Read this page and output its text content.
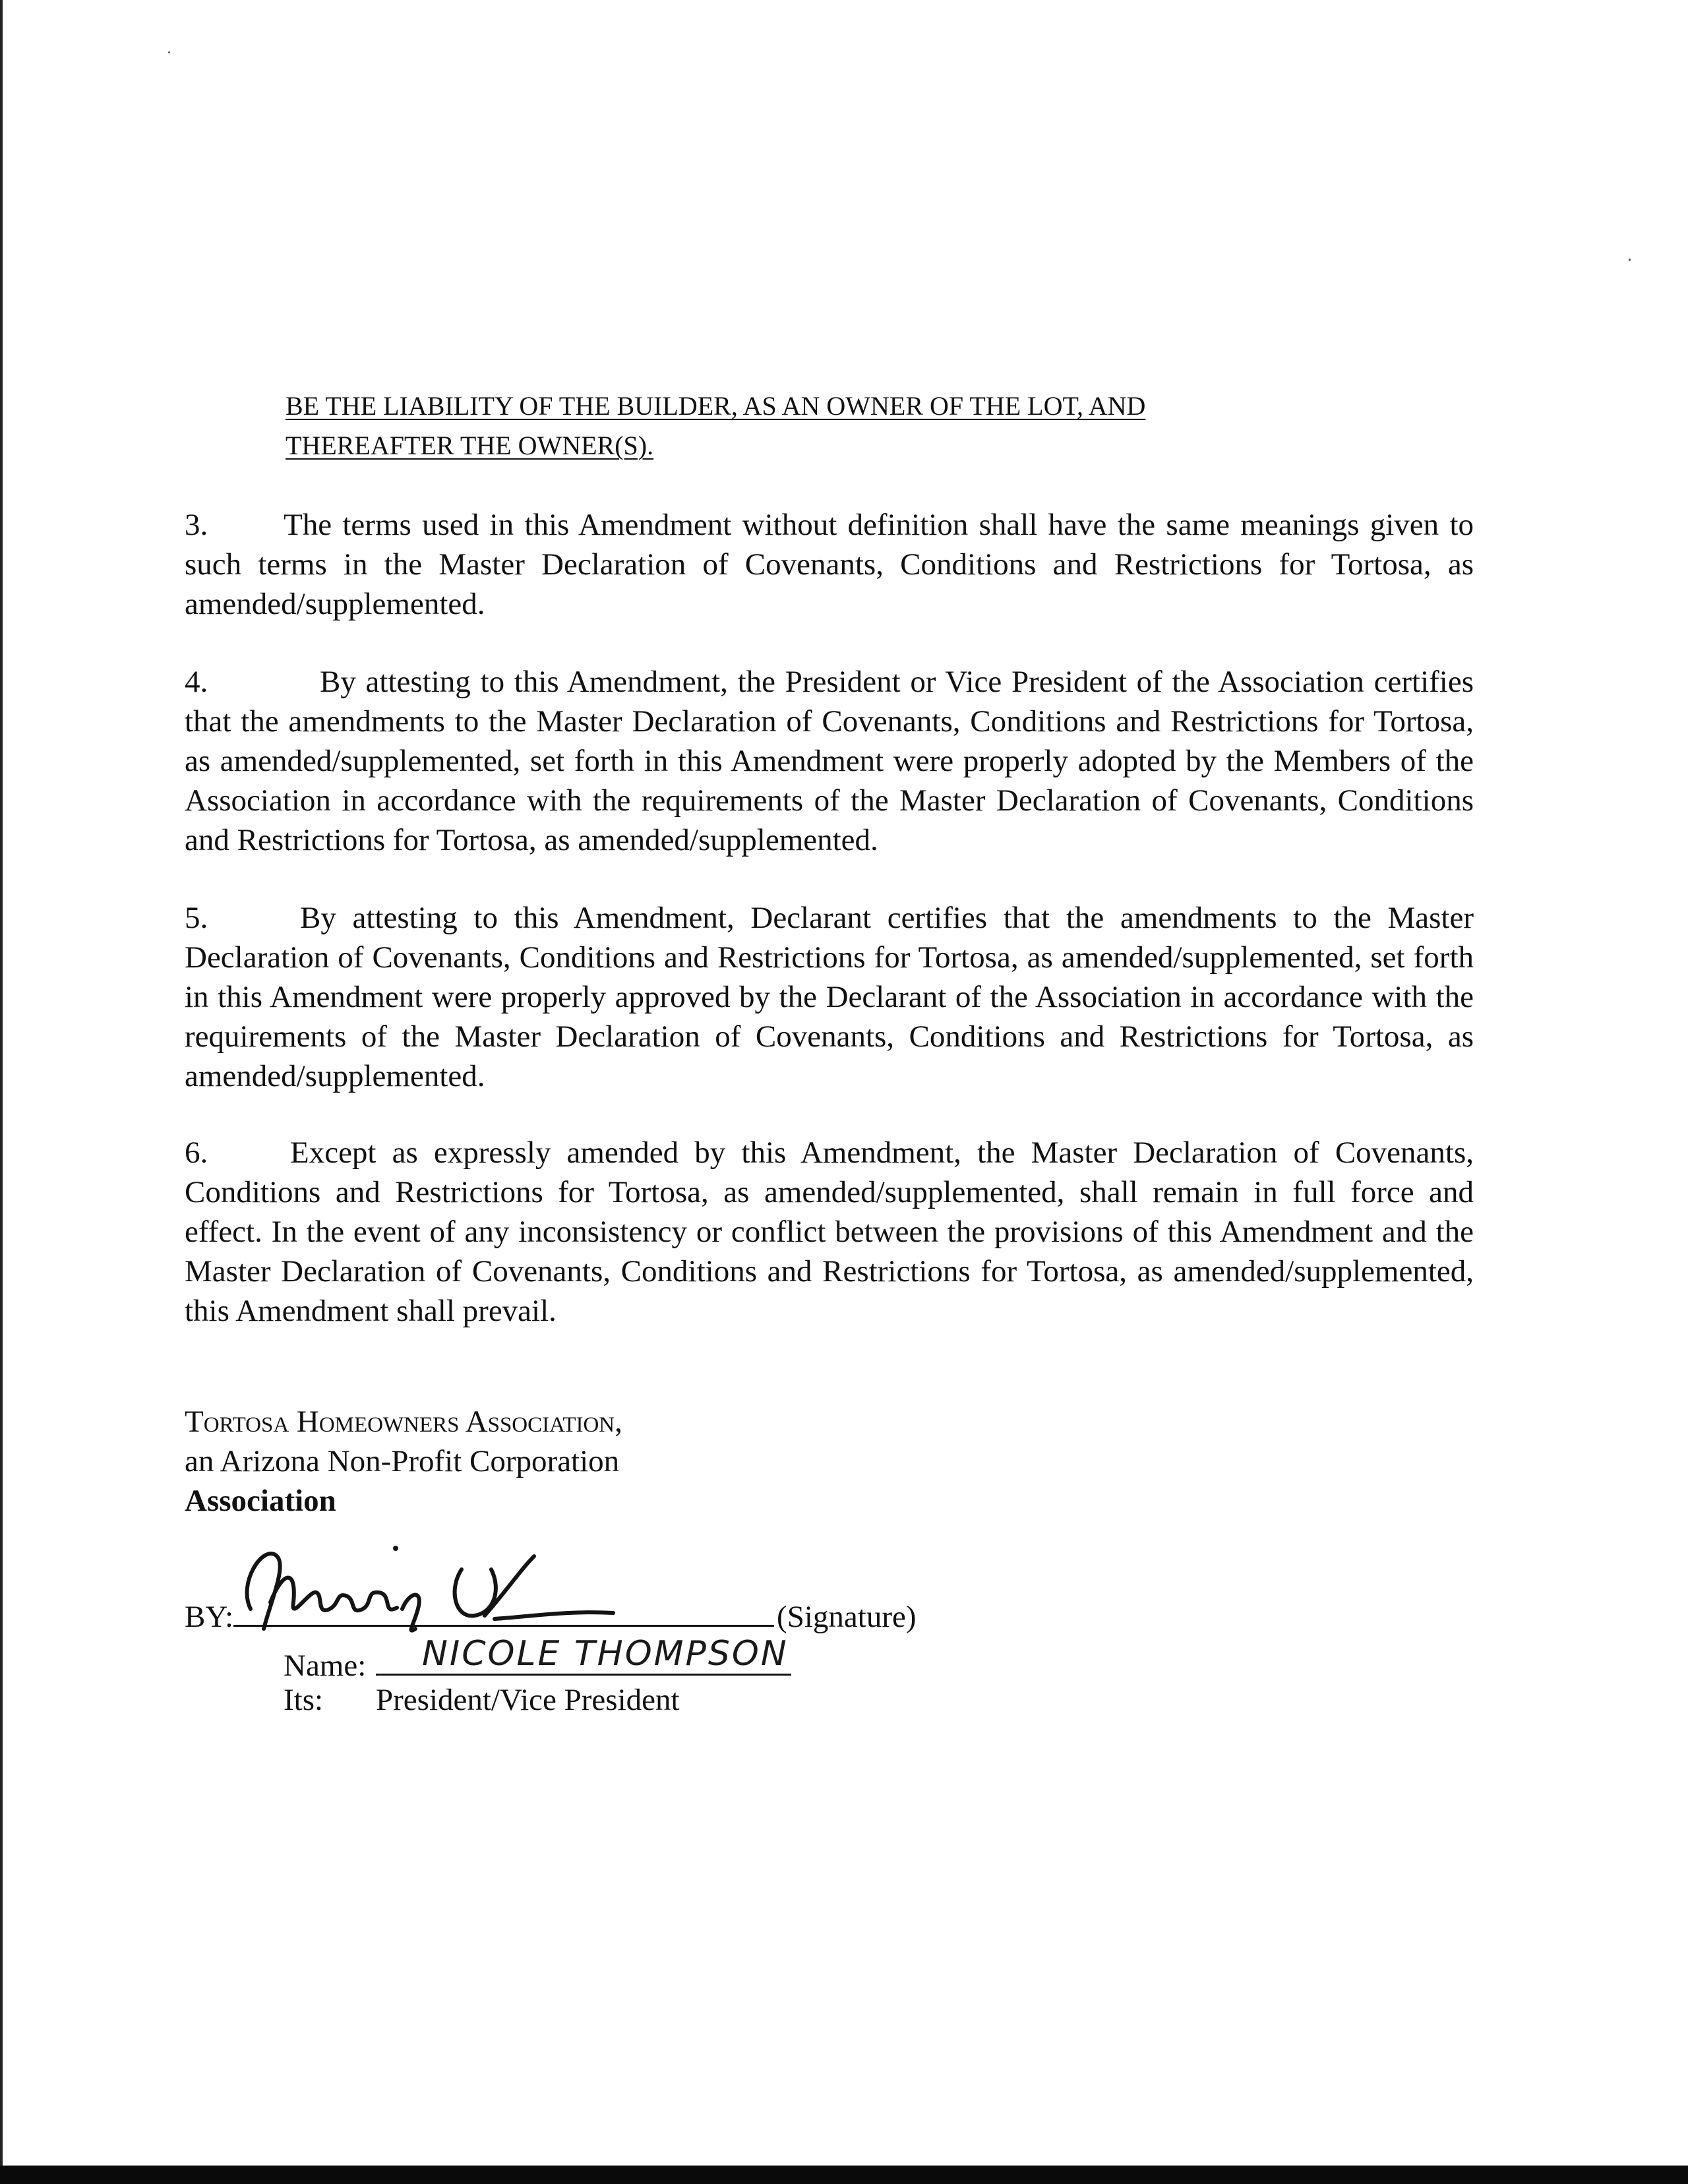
BE THE LIABILITY OF THE BUILDER, AS AN OWNER OF THE LOT, AND
THEREAFTER THE OWNER(S).

3. The terms used in this Amendment without definition shall have the same meanings given to such terms in the Master Declaration of Covenants, Conditions and Restrictions for Tortosa, as amended/supplemented.

4.	By attesting to this Amendment, the President or Vice President of the Association certifies that the amendments to the Master Declaration of Covenants, Conditions and Restrictions for Tortosa, as amended/supplemented, set forth in this Amendment were properly adopted by the Members of the Association in accordance with the requirements of the Master Declaration of Covenants, Conditions and Restrictions for Tortosa, as amended/supplemented.

5.	By attesting to this Amendment, Declarant certifies that the amendments to the Master Declaration of Covenants, Conditions and Restrictions for Tortosa, as amended/supplemented, set forth in this Amendment were properly approved by the Declarant of the Association in accordance with the requirements of the Master Declaration of Covenants, Conditions and Restrictions for Tortosa, as amended/supplemented.

6.	Except as expressly amended by this Amendment, the Master Declaration of Covenants, Conditions and Restrictions for Tortosa, as amended/supplemented, shall remain in full force and effect. In the event of any inconsistency or conflict between the provisions of this Amendment and the Master Declaration of Covenants, Conditions and Restrictions for Tortosa, as amended/supplemented, this Amendment shall prevail.

Tortosa Homeowners Association,
an Arizona Non-Profit Corporation
Association
BY:	(Signature)
Name: NICOLE THOMPSON
Its: President/Vice President
